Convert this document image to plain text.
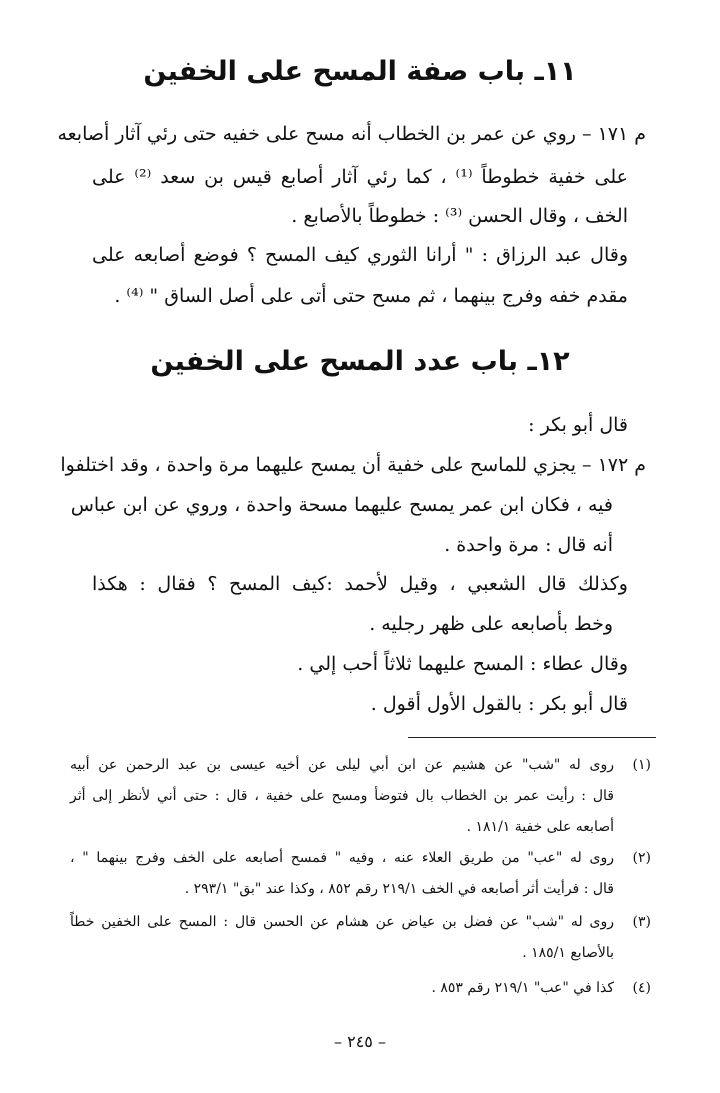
١١ـ باب صفة المسح على الخفين
م ١٧١ – روي عن عمر بن الخطاب أنه مسح على خفيه حتى رئي آثار أصابعه
على خفية خطوطاً ⁽¹⁾ ، كما رئي آثار أصابع قيس بن سعد ⁽²⁾ على
الخف ، وقال الحسن ⁽³⁾ : خطوطاً بالأصابع .
وقال عبد الرزاق : " أرانا الثوري كيف المسح ؟ فوضع أصابعه على
مقدم خفه وفرج بينهما ، ثم مسح حتى أتى على أصل الساق " ⁽⁴⁾ .
١٢ـ باب عدد المسح على الخفين
قال أبو بكر :
م ١٧٢ – يجزي للماسح على خفية أن يمسح عليهما مرة واحدة ، وقد اختلفوا
فيه ، فكان ابن عمر يمسح عليهما مسحة واحدة ، وروي عن ابن عباس
أنه قال : مرة واحدة .
وكذلك قال الشعبي ، وقيل لأحمد :كيف المسح ؟ فقال : هكذا
وخط بأصابعه على ظهر رجليه .
وقال عطاء : المسح عليهما ثلاثاً أحب إلي .
قال أبو بكر : بالقول الأول أقول .
(١)
روى له "شب" عن هشيم عن ابن أبي ليلى عن أخيه عيسى بن عبد الرحمن عن أبيه
قال : رأيت عمر بن الخطاب بال فتوضأ ومسح على خفية ، قال : حتى أني لأنظر إلى أثر
أصابعه على خفية ١٨١/١ .
(٢)
روى له "عب" من طريق العلاء عنه ، وفيه " فمسح أصابعه على الخف وفرج بينهما " ،
قال : فرأيت أثر أصابعه في الخف ٢١٩/١ رقم ٨٥٢ ، وكذا عند "بق" ٢٩٣/١ .
(٣)
روى له "شب" عن فضل بن عياض عن هشام عن الحسن قال : المسح على الخفين خطاً
بالأصابع ١٨٥/١ .
(٤)
كذا في "عب" ٢١٩/١ رقم ٨٥٣ .
– ٢٤٥ –
